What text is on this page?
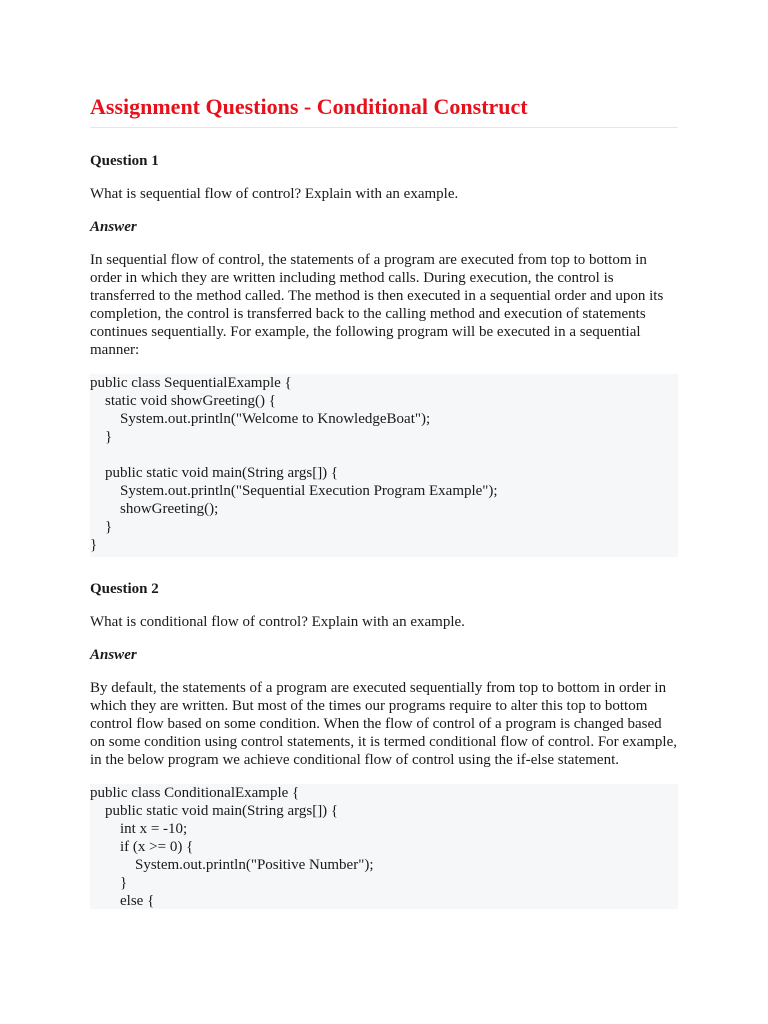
Assignment Questions - Conditional Construct

Question 1

What is sequential flow of control? Explain with an example.

Answer

In sequential flow of control, the statements of a program are executed from top to bottom in order in which they are written including method calls. During execution, the control is transferred to the method called. The method is then executed in a sequential order and upon its completion, the control is transferred back to the calling method and execution of statements continues sequentially. For example, the following program will be executed in a sequential manner:

public class SequentialExample {
static void showGreeting() {
System.out.println("Welcome to KnowledgeBoat");
}
public static void main(String args[]) {
System.out.println("Sequential Execution Program Example");
showGreeting();
}
}

Question 2

What is conditional flow of control? Explain with an example.

Answer

By default, the statements of a program are executed sequentially from top to bottom in order in which they are written. But most of the times our programs require to alter this top to bottom control flow based on some condition. When the flow of control of a program is changed based on some condition using control statements, it is termed conditional flow of control. For example, in the below program we achieve conditional flow of control using the if-else statement.

public class ConditionalExample {
public static void main(String args[]) {
int x = -10;
if (x >= 0) {
System.out.println("Positive Number");
}
else {
